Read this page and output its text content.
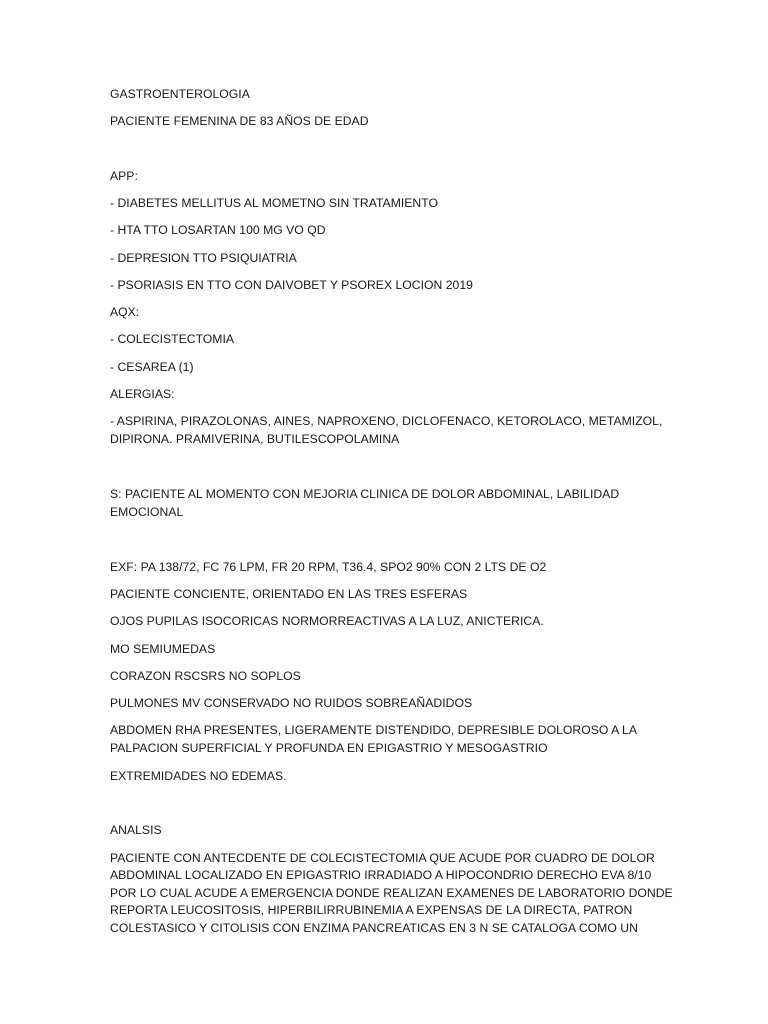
GASTROENTEROLOGIA
PACIENTE FEMENINA DE 83 AÑOS DE EDAD
APP:
- DIABETES MELLITUS AL MOMETNO SIN TRATAMIENTO
- HTA TTO LOSARTAN 100 MG VO QD
- DEPRESION TTO PSIQUIATRIA
- PSORIASIS EN TTO CON DAIVOBET Y PSOREX LOCION 2019
AQX:
- COLECISTECTOMIA
- CESAREA (1)
ALERGIAS:
- ASPIRINA, PIRAZOLONAS, AINES, NAPROXENO, DICLOFENACO, KETOROLACO, METAMIZOL,
DIPIRONA. PRAMIVERINA, BUTILESCOPOLAMINA
S: PACIENTE AL MOMENTO CON MEJORIA CLINICA DE DOLOR ABDOMINAL, LABILIDAD
EMOCIONAL
EXF: PA 138/72, FC 76 LPM, FR 20 RPM, T36.4, SPO2 90% CON 2 LTS DE O2
PACIENTE CONCIENTE, ORIENTADO EN LAS TRES ESFERAS
OJOS PUPILAS ISOCORICAS NORMORREACTIVAS A LA LUZ, ANICTERICA.
MO SEMIUMEDAS
CORAZON RSCSRS NO SOPLOS
PULMONES MV CONSERVADO NO RUIDOS SOBREAÑADIDOS
ABDOMEN RHA PRESENTES, LIGERAMENTE DISTENDIDO, DEPRESIBLE DOLOROSO A LA
PALPACION SUPERFICIAL Y PROFUNDA EN EPIGASTRIO Y MESOGASTRIO
EXTREMIDADES NO EDEMAS.
ANALSIS
PACIENTE CON ANTECDENTE DE COLECISTECTOMIA QUE ACUDE POR CUADRO DE DOLOR
ABDOMINAL LOCALIZADO EN EPIGASTRIO IRRADIADO A HIPOCONDRIO DERECHO EVA 8/10
POR LO CUAL ACUDE A EMERGENCIA DONDE REALIZAN EXAMENES DE LABORATORIO DONDE
REPORTA LEUCOSITOSIS, HIPERBILIRRUBINEMIA A EXPENSAS DE LA DIRECTA, PATRON
COLESTASICO Y CITOLISIS CON ENZIMA PANCREATICAS EN 3 N SE CATALOGA COMO UN
